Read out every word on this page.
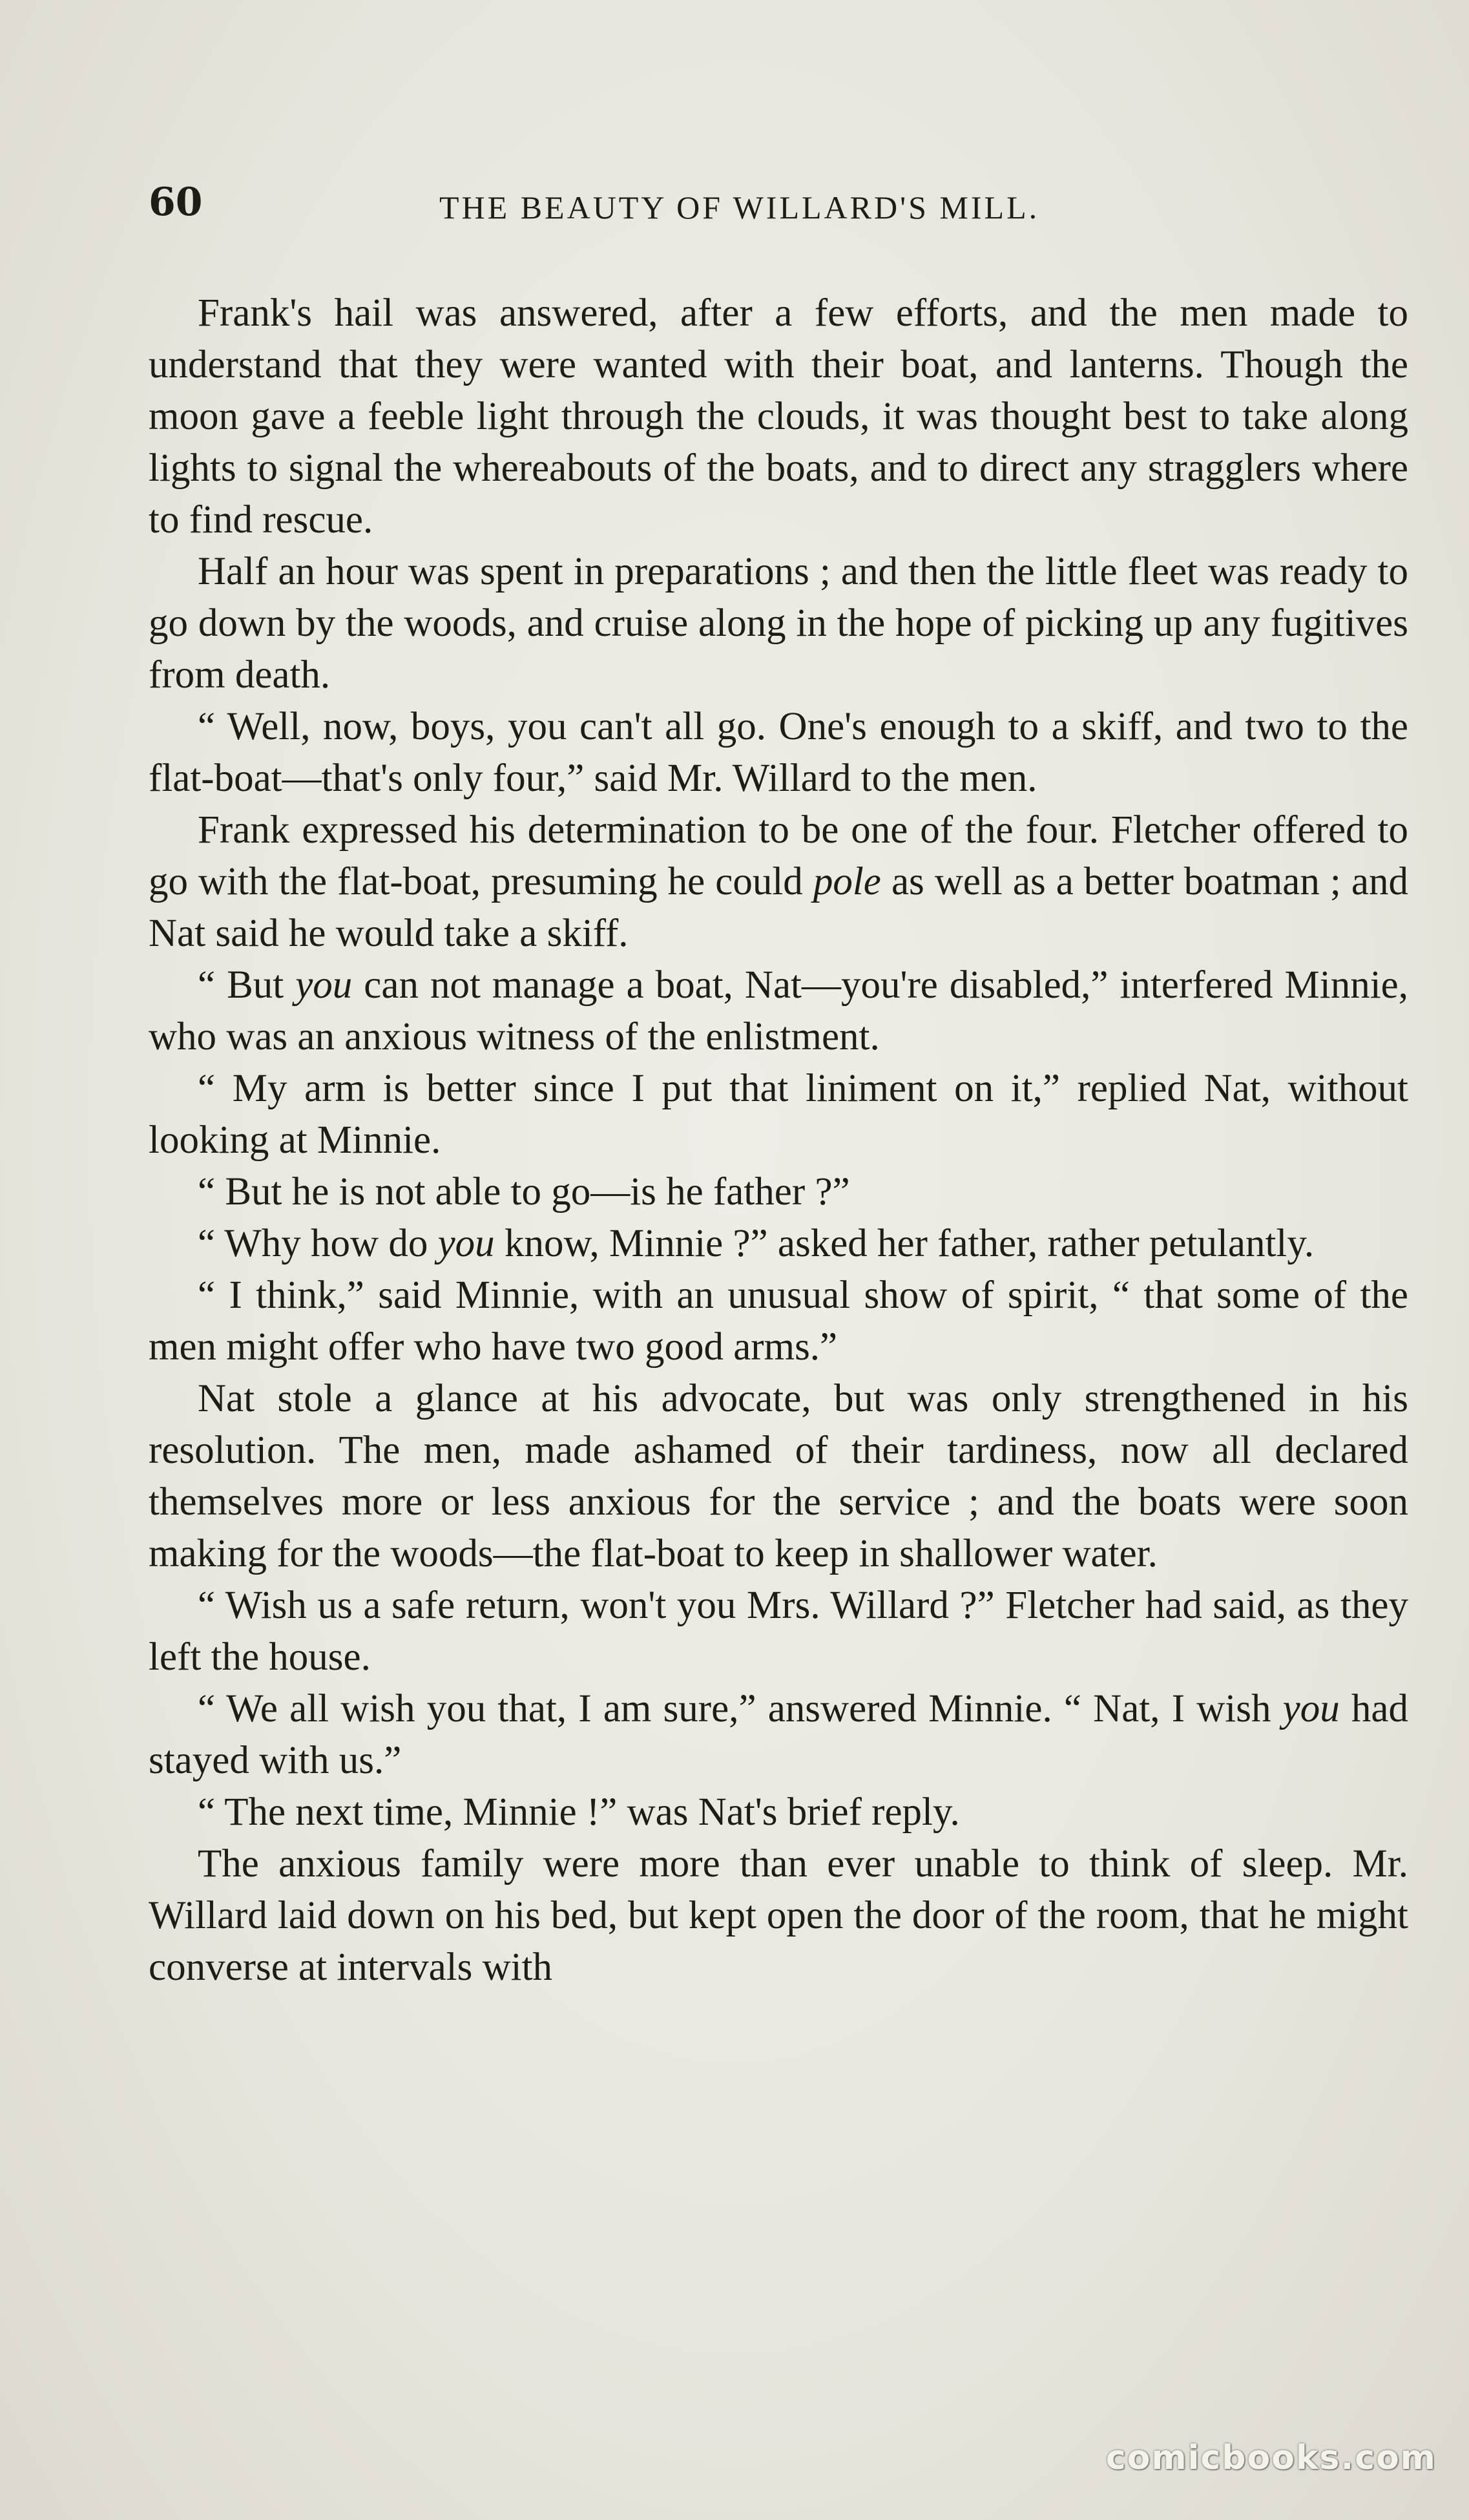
60	THE BEAUTY OF WILLARD'S MILL.

Frank's hail was answered, after a few efforts, and the men made to understand that they were wanted with their boat, and lanterns. Though the moon gave a feeble light through the clouds, it was thought best to take along lights to signal the whereabouts of the boats, and to direct any stragglers where to find rescue.

Half an hour was spent in preparations ; and then the little fleet was ready to go down by the woods, and cruise along in the hope of picking up any fugitives from death.

“ Well, now, boys, you can't all go. One's enough to a skiff, and two to the flat-boat—that's only four,” said Mr. Willard to the men.

Frank expressed his determination to be one of the four. Fletcher offered to go with the flat-boat, presuming he could pole as well as a better boatman ; and Nat said he would take a skiff.

“ But you can not manage a boat, Nat—you're disabled,” interfered Minnie, who was an anxious witness of the enlistment.

“ My arm is better since I put that liniment on it,” replied Nat, without looking at Minnie.

“ But he is not able to go—is he father ?”

“ Why how do you know, Minnie ?” asked her father, rather petulantly.

“ I think,” said Minnie, with an unusual show of spirit, “ that some of the men might offer who have two good arms.”

Nat stole a glance at his advocate, but was only strengthened in his resolution. The men, made ashamed of their tardiness, now all declared themselves more or less anxious for the service ; and the boats were soon making for the woods—the flat-boat to keep in shallower water.

“ Wish us a safe return, won't you Mrs. Willard ?” Fletcher had said, as they left the house.

“ We all wish you that, I am sure,” answered Minnie. “ Nat, I wish you had stayed with us.”

“ The next time, Minnie !” was Nat's brief reply.

The anxious family were more than ever unable to think of sleep. Mr. Willard laid down on his bed, but kept open the door of the room, that he might converse at intervals with

comicbooks.com
